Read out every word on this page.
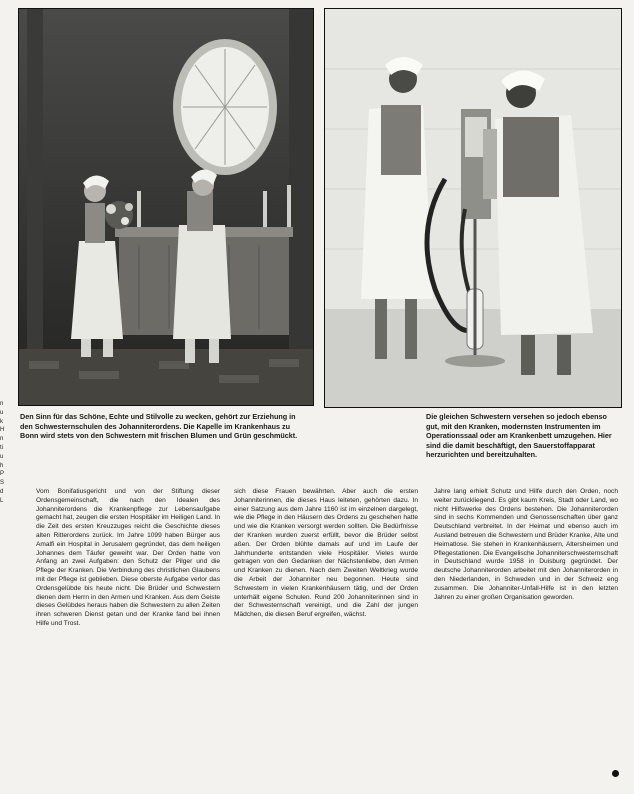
n
u
k
H
n
ti
u
h
P
S
d
L
Den Sinn für das Schöne, Echte und Stilvolle zu wecken, gehört zur Erziehung in den Schwesternschulen des Johanniterordens. Die Kapelle im Krankenhaus zu Bonn wird stets von den Schwestern mit frischen Blumen und Grün geschmückt.
Die gleichen Schwestern versehen so jedoch ebenso gut, mit den Kranken, modernsten Instrumenten im Operationssaal oder am Krankenbett umzugehen. Hier sind die damit beschäftigt, den Sauerstoffapparat herzurichten und bereitzuhalten.
Vom Bonifatiusgericht und von der Stiftung dieser Ordensgemeinschaft, die nach den Idealen des Johanniterordens die Krankenpflege zur Lebensaufgabe gemacht hat, zeugen die ersten Hospitäler im Heiligen Land. In die Zeit des ersten Kreuzzuges reicht die Geschichte dieses alten Ritterordens zurück. Im Jahre 1099 haben Bürger aus Amalfi ein Hospital in Jerusalem gegründet, das dem heiligen Johannes dem Täufer geweiht war. Der Orden hatte von Anfang an zwei Aufgaben: den Schutz der Pilger und die Pflege der Kranken. Die Verbindung des christlichen Glaubens mit der Pflege ist geblieben. Diese oberste Aufgabe verlor das Ordensgelübde bis heute nicht. Die Brüder und Schwestern dienen dem Herrn in den Armen und Kranken. Aus dem Geiste dieses Gelübdes heraus haben die Schwestern zu allen Zeiten ihren schweren Dienst getan und der Kranke fand bei ihnen Hilfe und Trost.
sich diese Frauen bewährten. Aber auch die ersten Johanniterinnen, die dieses Haus leiteten, gehörten dazu. In einer Satzung aus dem Jahre 1160 ist im einzelnen dargelegt, wie die Pflege in den Häusern des Ordens zu geschehen hatte und wie die Kranken versorgt werden sollten. Die Bedürfnisse der Kranken wurden zuerst erfüllt, bevor die Brüder selbst aßen. Der Orden blühte damals auf und im Laufe der Jahrhunderte entstanden viele Hospitäler. Vieles wurde getragen von den Gedanken der Nächstenliebe, den Armen und Kranken zu dienen. Nach dem Zweiten Weltkrieg wurde die Arbeit der Johanniter neu begonnen. Heute sind Schwestern in vielen Krankenhäusern tätig, und der Orden unterhält eigene Schulen. Rund 200 Johanniterinnen sind in der Schwesternschaft vereinigt, und die Zahl der jungen Mädchen, die diesen Beruf ergreifen, wächst.
Jahre lang erhielt Schutz und Hilfe durch den Orden, noch weiter zurückliegend. Es gibt kaum Kreis, Stadt oder Land, wo nicht Hilfswerke des Ordens bestehen. Die Johanniterorden sind in sechs Kommenden und Genossenschaften über ganz Deutschland verbreitet. In der Heimat und ebenso auch im Ausland betreuen die Schwestern und Brüder Kranke, Alte und Heimatlose. Sie stehen in Krankenhäusern, Altersheimen und Pflegestationen. Die Evangelische Johanniterschwesternschaft in Deutschland wurde 1958 in Duisburg gegründet. Der deutsche Johanniterorden arbeitet mit den Johanniterorden in den Niederlanden, in Schweden und in der Schweiz eng zusammen. Die Johanniter-Unfall-Hilfe ist in den letzten Jahren zu einer großen Organisation geworden.
